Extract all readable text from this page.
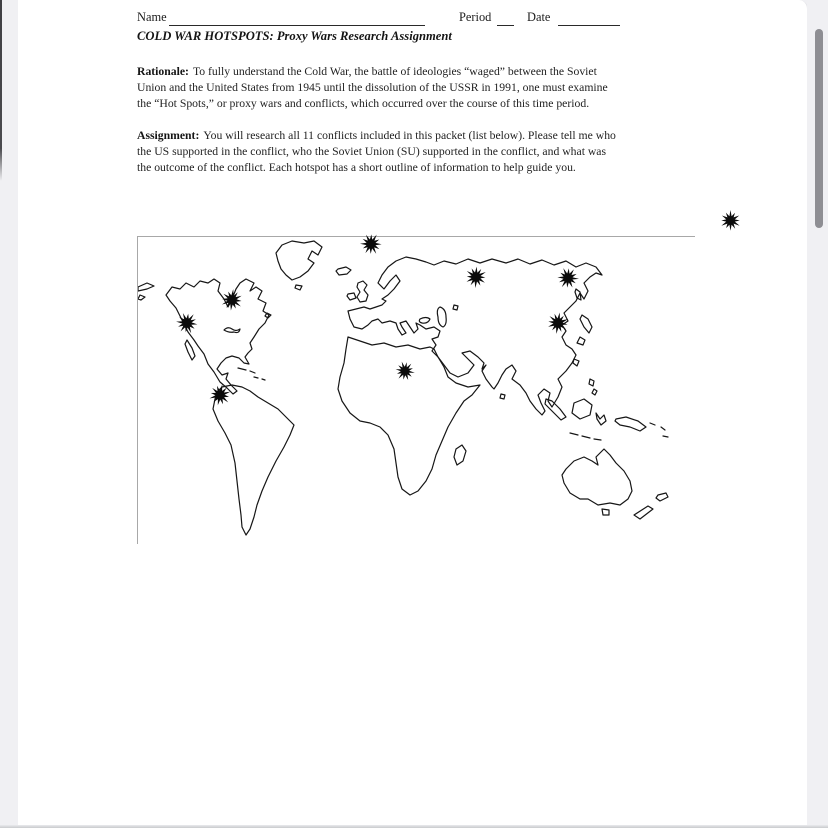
Name	Period	Date
COLD WAR HOTSPOTS: Proxy Wars Research Assignment
Rationale: To fully understand the Cold War, the battle of ideologies “waged” between the Soviet
Union and the United States from 1945 until the dissolution of the USSR in 1991, one must examine
the “Hot Spots,” or proxy wars and conflicts, which occurred over the course of this time period.
Assignment: You will research all 11 conflicts included in this packet (list below). Please tell me who
the US supported in the conflict, who the Soviet Union (SU) supported in the conflict, and what was
the outcome of the conflict. Each hotspot has a short outline of information to help guide you.
